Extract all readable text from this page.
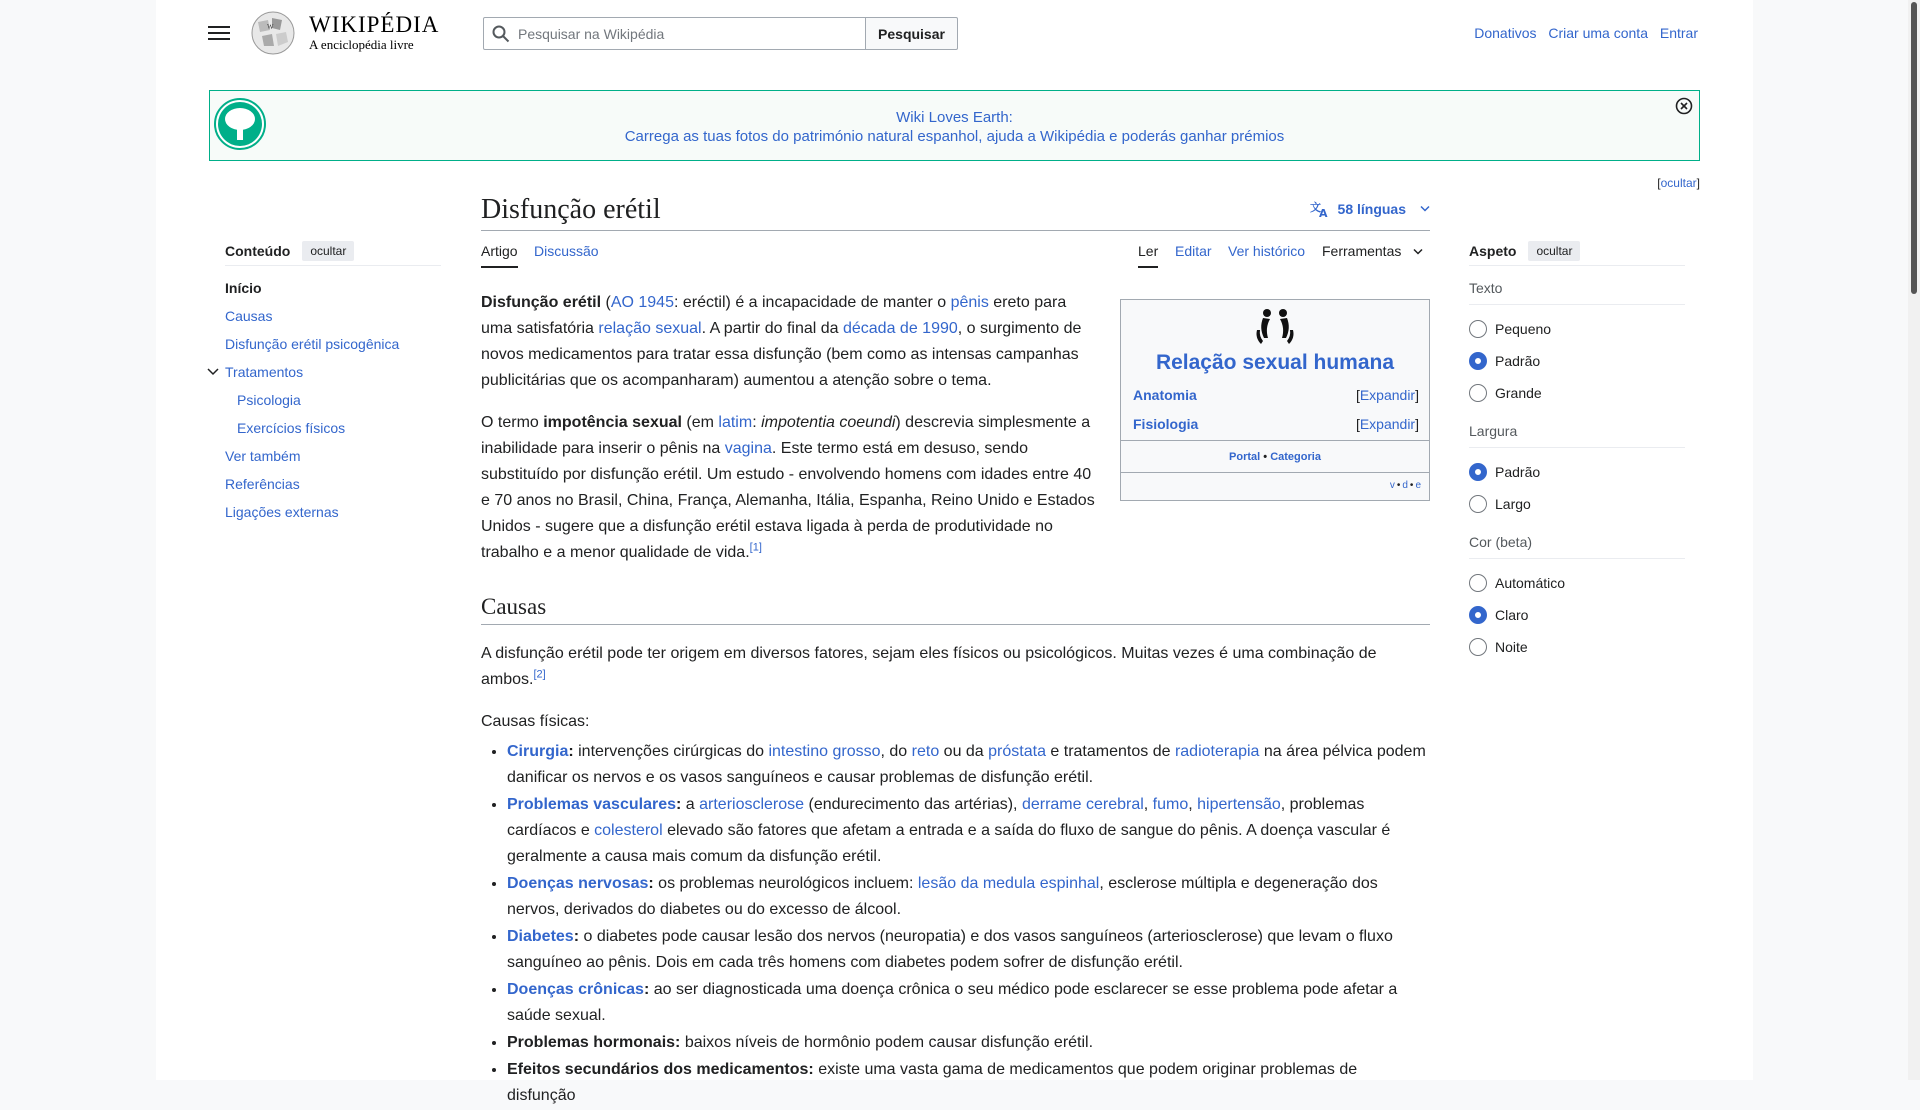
W WIKIPÉDIA
A enciclopédia livre
Pesquisar na Wikipédia
Pesquisar	Donativos Criar uma conta Entrar
Wiki Loves Earth:
Carrega as tuas fotos do património natural espanhol, ajuda a Wikipédia e poderás ganhar prémios
[ocultar]
Conteúdo	ocultar
Início
Causas
Disfunção erétil psicogênica
Tratamentos
Psicologia
Exercícios físicos
Ver também
Referências
Ligações externas
Disfunção erétil	文
A 58 línguas
Artigo Discussão	Ler Editar Ver histórico Ferramentas
Relação sexual humana
Anatomia	[Expandir]
Fisiologia	[Expandir]
Portal • Categoria
v • d • e

Disfunção erétil (AO 1945: eréctil) é a incapacidade de manter o pênis ereto para uma satisfatória relação sexual. A partir do final da década de 1990, o surgimento de novos medicamentos para tratar essa disfunção (bem como as intensas campanhas publicitárias que os acompanharam) aumentou a atenção sobre o tema.

O termo impotência sexual (em latim: impotentia coeundi) descrevia simplesmente a inabilidade para inserir o pênis na vagina. Este termo está em desuso, sendo substituído por disfunção erétil. Um estudo - envolvendo homens com idades entre 40 e 70 anos no Brasil, China, França, Alemanha, Itália, Espanha, Reino Unido e Estados Unidos - sugere que a disfunção erétil estava ligada à perda de produtividade no trabalho e a menor qualidade de vida.[1]

Causas

A disfunção erétil pode ter origem em diversos fatores, sejam eles físicos ou psicológicos. Muitas vezes é uma combinação de ambos.[2]

Causas físicas:

• Cirurgia: intervenções cirúrgicas do intestino grosso, do reto ou da próstata e tratamentos de radioterapia na área pélvica podem danificar os nervos e os vasos sanguíneos e causar problemas de disfunção erétil.
• Problemas vasculares: a arteriosclerose (endurecimento das artérias), derrame cerebral, fumo, hipertensão, problemas cardíacos e colesterol elevado são fatores que afetam a entrada e a saída do fluxo de sangue do pênis. A doença vascular é geralmente a causa mais comum da disfunção erétil.
• Doenças nervosas: os problemas neurológicos incluem: lesão da medula espinhal, esclerose múltipla e degeneração dos nervos, derivados do diabetes ou do excesso de álcool.
• Diabetes: o diabetes pode causar lesão dos nervos (neuropatia) e dos vasos sanguíneos (arteriosclerose) que levam o fluxo sanguíneo ao pênis. Dois em cada três homens com diabetes podem sofrer de disfunção erétil.
• Doenças crônicas: ao ser diagnosticada uma doença crônica o seu médico pode esclarecer se esse problema pode afetar a saúde sexual.
• Problemas hormonais: baixos níveis de hormônio podem causar disfunção erétil.
• Efeitos secundários dos medicamentos: existe uma vasta gama de medicamentos que podem originar problemas de disfunção
Aspeto	ocultar
Texto
Pequeno
Padrão
Grande
Largura
Padrão
Largo
Cor (beta)
Automático
Claro
Noite
